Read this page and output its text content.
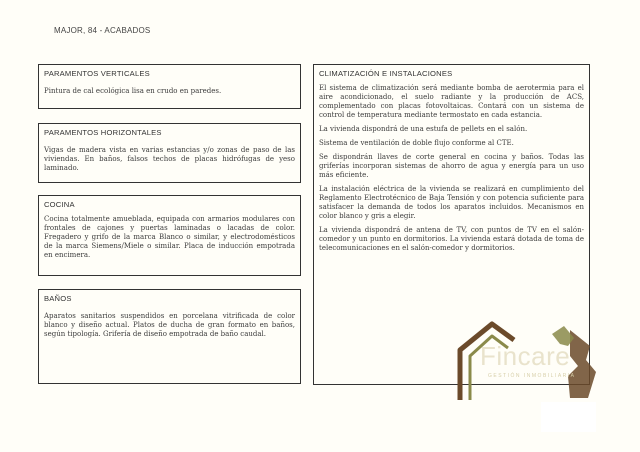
MAJOR, 84 - ACABADOS
PARAMENTOS VERTICALES

Pintura de cal ecológica lisa en crudo en paredes.

PARAMENTOS HORIZONTALES

Vigas de madera vista en varias estancias y/o zonas de paso de las viviendas. En baños, falsos techos de placas hidrófugas de yeso laminado.

COCINA

Cocina totalmente amueblada, equipada con armarios modulares con frontales de cajones y puertas laminadas o lacadas de color. Fregadero y grifo de la marca Blanco o similar, y electrodomésticos de la marca Siemens/Miele o similar. Placa de inducción empotrada en encimera.

BAÑOS

Aparatos sanitarios suspendidos en porcelana vitrificada de color blanco y diseño actual. Platos de ducha de gran formato en baños, según tipología. Grifería de diseño empotrada de baño caudal.

CLIMATIZACIÓN E INSTALACIONES

El sistema de climatización será mediante bomba de aerotermia para el aire acondicionado, el suelo radiante y la producción de ACS, complementado con placas fotovoltaicas. Contará con un sistema de control de temperatura mediante termostato en cada estancia.

La vivienda dispondrá de una estufa de pellets en el salón.

Sistema de ventilación de doble flujo conforme al CTE.

Se dispondrán llaves de corte general en cocina y baños. Todas las griferías incorporan sistemas de ahorro de agua y energía para un uso más eficiente.

La instalación eléctrica de la vivienda se realizará en cumplimiento del Reglamento Electrotécnico de Baja Tensión y con potencia suficiente para satisfacer la demanda de todos los aparatos incluidos. Mecanismos en color blanco y gris a elegir.

La vivienda dispondrá de antena de TV, con puntos de TV en el salón-comedor y un punto en dormitorios. La vivienda estará dotada de toma de telecomunicaciones en el salón-comedor y dormitorios.

Fincare
GESTIÓN INMOBILIARIA
